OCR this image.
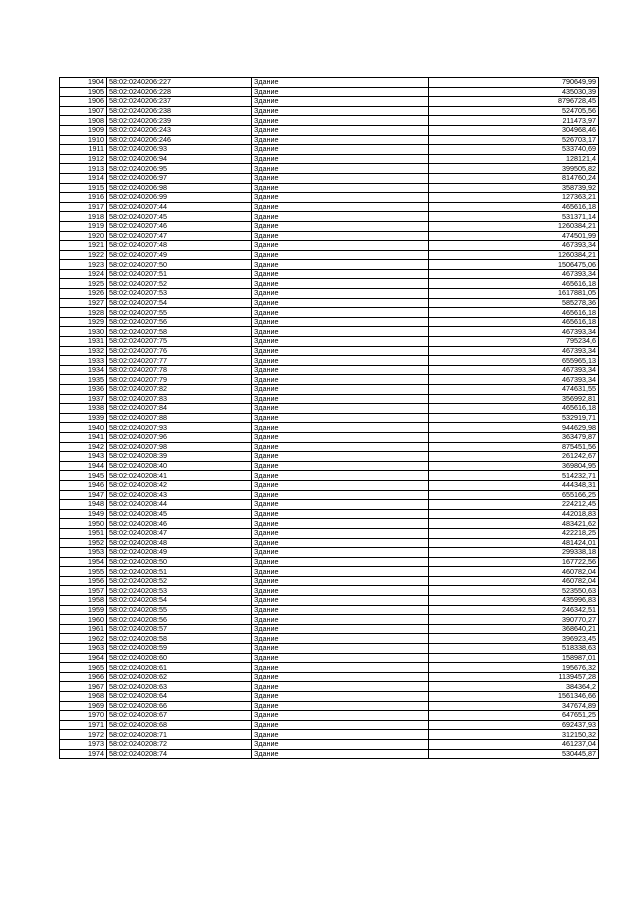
1904	58:02:0240206:227	Здание	790649,99
1905	58:02:0240206:228	Здание	435030,39
1906	58:02:0240206:237	Здание	8796728,45
1907	58:02:0240206:238	Здание	524705,56
1908	58:02:0240206:239	Здание	211473,97
1909	58:02:0240206:243	Здание	304968,46
1910	58:02:0240206:246	Здание	526703,17
1911	58:02:0240206:93	Здание	533740,69
1912	58:02:0240206:94	Здание	128121,4
1913	58:02:0240206:95	Здание	399505,82
1914	58:02:0240206:97	Здание	814760,24
1915	58:02:0240206:98	Здание	358739,92
1916	58:02:0240206:99	Здание	127363,21
1917	58:02:0240207:44	Здание	465616,18
1918	58:02:0240207:45	Здание	531371,14
1919	58:02:0240207:46	Здание	1260384,21
1920	58:02:0240207:47	Здание	474501,99
1921	58:02:0240207:48	Здание	467393,34
1922	58:02:0240207:49	Здание	1260384,21
1923	58:02:0240207:50	Здание	1506475,06
1924	58:02:0240207:51	Здание	467393,34
1925	58:02:0240207:52	Здание	465616,18
1926	58:02:0240207:53	Здание	1617881,05
1927	58:02:0240207:54	Здание	585278,36
1928	58:02:0240207:55	Здание	465616,18
1929	58:02:0240207:56	Здание	465616,18
1930	58:02:0240207:58	Здание	467393,34
1931	58:02:0240207:75	Здание	795234,6
1932	58:02:0240207:76	Здание	467393,34
1933	58:02:0240207:77	Здание	655965,13
1934	58:02:0240207:78	Здание	467393,34
1935	58:02:0240207:79	Здание	467393,34
1936	58:02:0240207:82	Здание	474631,55
1937	58:02:0240207:83	Здание	356992,81
1938	58:02:0240207:84	Здание	465616,18
1939	58:02:0240207:88	Здание	532919,71
1940	58:02:0240207:93	Здание	944629,98
1941	58:02:0240207:96	Здание	363479,87
1942	58:02:0240207:98	Здание	875451,56
1943	58:02:0240208:39	Здание	261242,67
1944	58:02:0240208:40	Здание	369804,95
1945	58:02:0240208:41	Здание	514232,71
1946	58:02:0240208:42	Здание	444348,31
1947	58:02:0240208:43	Здание	655166,25
1948	58:02:0240208:44	Здание	224212,45
1949	58:02:0240208:45	Здание	442018,83
1950	58:02:0240208:46	Здание	483421,62
1951	58:02:0240208:47	Здание	422218,25
1952	58:02:0240208:48	Здание	481424,01
1953	58:02:0240208:49	Здание	299338,18
1954	58:02:0240208:50	Здание	167722,56
1955	58:02:0240208:51	Здание	460782,04
1956	58:02:0240208:52	Здание	460782,04
1957	58:02:0240208:53	Здание	523550,63
1958	58:02:0240208:54	Здание	435996,83
1959	58:02:0240208:55	Здание	246342,51
1960	58:02:0240208:56	Здание	390770,27
1961	58:02:0240208:57	Здание	368640,21
1962	58:02:0240208:58	Здание	396923,45
1963	58:02:0240208:59	Здание	518338,63
1964	58:02:0240208:60	Здание	158987,01
1965	58:02:0240208:61	Здание	195676,32
1966	58:02:0240208:62	Здание	1139457,28
1967	58:02:0240208:63	Здание	384364,2
1968	58:02:0240208:64	Здание	1561346,66
1969	58:02:0240208:66	Здание	347674,89
1970	58:02:0240208:67	Здание	647651,25
1971	58:02:0240208:68	Здание	692437,93
1972	58:02:0240208:71	Здание	312150,32
1973	58:02:0240208:72	Здание	461237,04
1974	58:02:0240208:74	Здание	530445,87
